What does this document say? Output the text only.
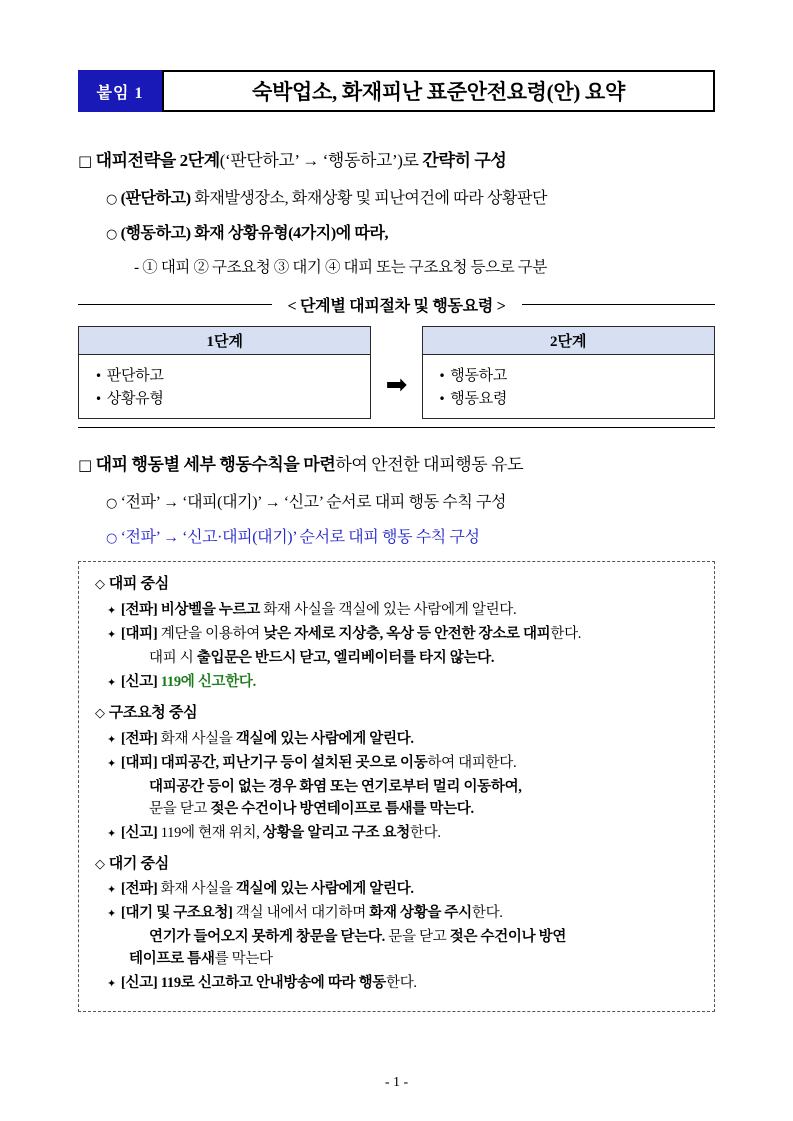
붙임 1	숙박업소, 화재피난 표준안전요령(안) 요약

□ 대피전략을 2단계(‘판단하고’ → ‘행동하고’)로 간략히 구성

○ (판단하고) 화재발생장소, 화재상황 및 피난여건에 따라 상황판단

○ (행동하고) 화재 상황유형(4가지)에 따라,

- ① 대피 ② 구조요청 ③ 대기 ④ 대피 또는 구조요청 등으로 구분

< 단계별 대피절차 및 행동요령 >
1단계
• 판단하고
• 상황유형	➡
2단계
• 행동하고
• 행동요령

□ 대피 행동별 세부 행동수칙을 마련하여 안전한 대피행동 유도

○ ‘전파’ → ‘대피(대기)’ → ‘신고’ 순서로 대피 행동 수칙 구성

○ ‘전파’ → ‘신고·대피(대기)’ 순서로 대피 행동 수칙 구성

◇ 대피 중심
✦ [전파] 비상벨을 누르고 화재 사실을 객실에 있는 사람에게 알린다.
✦ [대피] 계단을 이용하여 낮은 자세로 지상층, 옥상 등 안전한 장소로 대피한다.
대피 시 출입문은 반드시 닫고, 엘리베이터를 타지 않는다.
✦ [신고] 119에 신고한다.
◇ 구조요청 중심
✦ [전파] 화재 사실을 객실에 있는 사람에게 알린다.
✦ [대피] 대피공간, 피난기구 등이 설치된 곳으로 이동하여 대피한다.
대피공간 등이 없는 경우 화염 또는 연기로부터 멀리 이동하여,
문을 닫고 젖은 수건이나 방연테이프로 틈새를 막는다.
✦ [신고] 119에 현재 위치, 상황을 알리고 구조 요청한다.
◇ 대기 중심
✦ [전파] 화재 사실을 객실에 있는 사람에게 알린다.
✦ [대기 및 구조요청] 객실 내에서 대기하며 화재 상황을 주시한다.
연기가 들어오지 못하게 창문을 닫는다. 문을 닫고 젖은 수건이나 방연
테이프로 틈새를 막는다
✦ [신고] 119로 신고하고 안내방송에 따라 행동한다.
- 1 -
